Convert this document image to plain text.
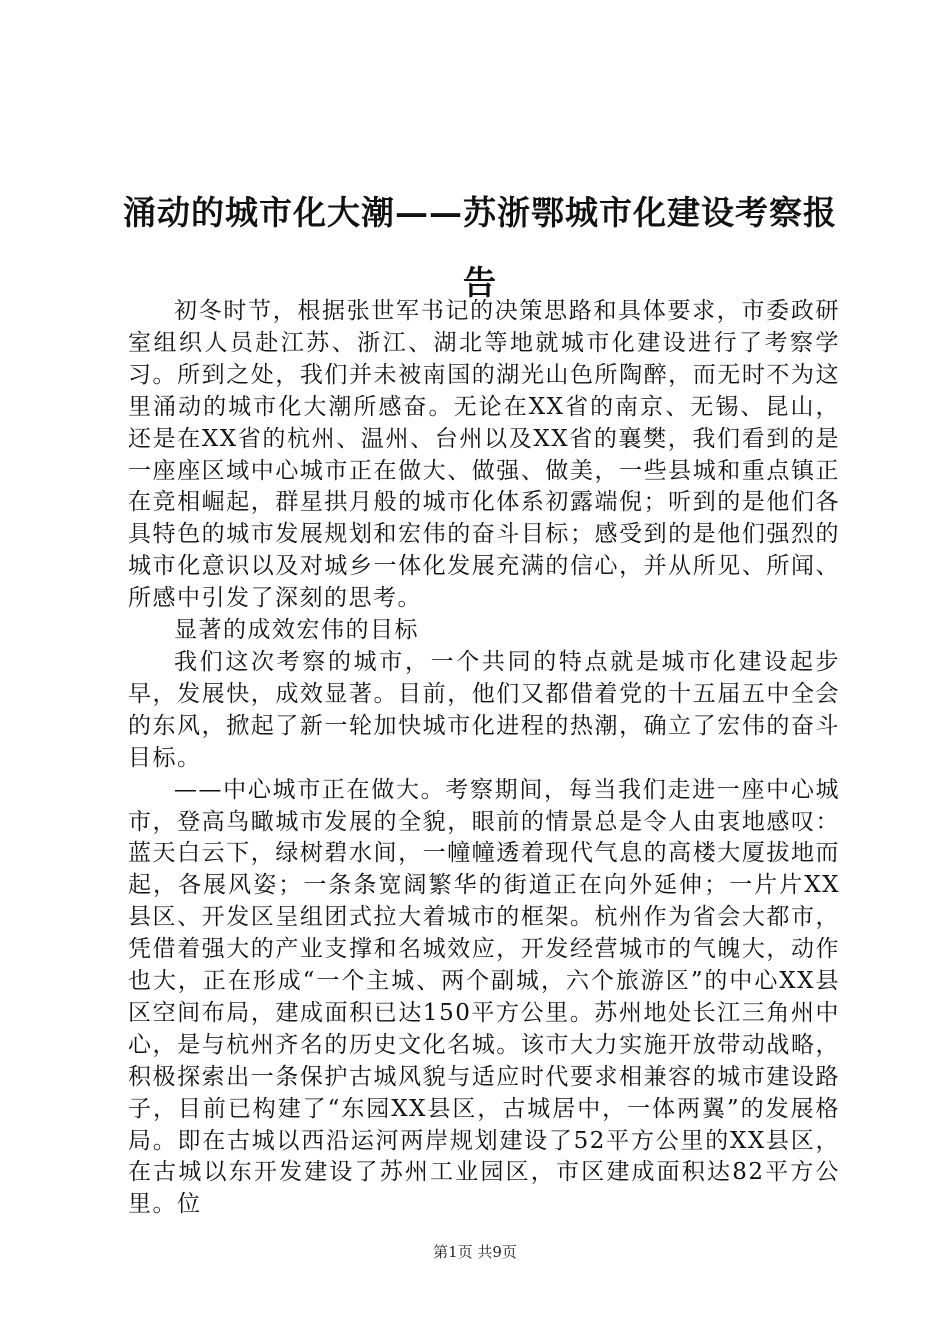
涌动的城市化大潮——苏浙鄂城市化建设考察报告

初冬时节，根据张世军书记的决策思路和具体要求，市委政研室组织人员赴江苏、浙江、湖北等地就城市化建设进行了考察学习。所到之处，我们并未被南国的湖光山色所陶醉，而无时不为这里涌动的城市化大潮所感奋。无论在XX省的南京、无锡、昆山，还是在XX省的杭州、温州、台州以及XX省的襄樊，我们看到的是一座座区域中心城市正在做大、做强、做美，一些县城和重点镇正在竞相崛起，群星拱月般的城市化体系初露端倪；听到的是他们各具特色的城市发展规划和宏伟的奋斗目标；感受到的是他们强烈的城市化意识以及对城乡一体化发展充满的信心，并从所见、所闻、所感中引发了深刻的思考。

显著的成效宏伟的目标

我们这次考察的城市，一个共同的特点就是城市化建设起步早，发展快，成效显著。目前，他们又都借着党的十五届五中全会的东风，掀起了新一轮加快城市化进程的热潮，确立了宏伟的奋斗目标。

——中心城市正在做大。考察期间，每当我们走进一座中心城市，登高鸟瞰城市发展的全貌，眼前的情景总是令人由衷地感叹：蓝天白云下，绿树碧水间，一幢幢透着现代气息的高楼大厦拔地而起，各展风姿；一条条宽阔繁华的街道正在向外延伸；一片片XX县区、开发区呈组团式拉大着城市的框架。杭州作为省会大都市，凭借着强大的产业支撑和名城效应，开发经营城市的气魄大，动作也大，正在形成“一个主城、两个副城，六个旅游区”的中心XX县区空间布局，建成面积已达150平方公里。苏州地处长江三角州中心，是与杭州齐名的历史文化名城。该市大力实施开放带动战略，积极探索出一条保护古城风貌与适应时代要求相兼容的城市建设路子，目前已构建了“东园XX县区，古城居中，一体两翼”的发展格局。即在古城以西沿运河两岸规划建设了52平方公里的XX县区，在古城以东开发建设了苏州工业园区，市区建成面积达82平方公里。位

第1页 共9页
